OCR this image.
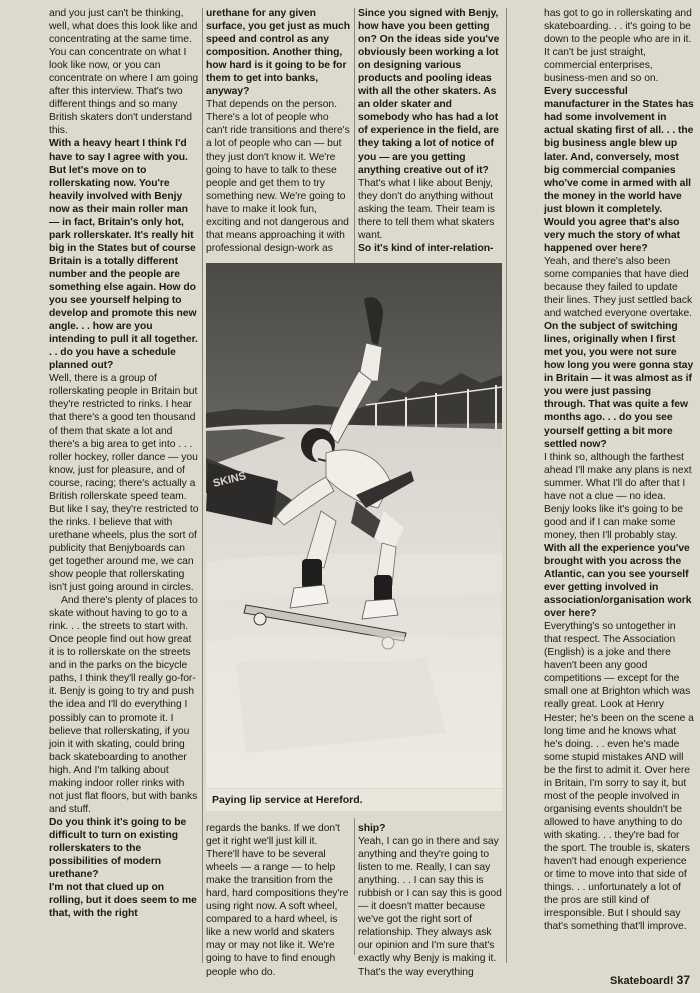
and you just can't be thinking, well, what does this look like and concentrating at the same time. You can concentrate on what I look like now, or you can concentrate on where I am going after this interview. That's two different things and so many British skaters don't understand this.

With a heavy heart I think I'd have to say I agree with you. But let's move on to rollerskating now. You're heavily involved with Benjy now as their main roller man — in fact, Britain's only hot, park rollerskater. It's really hit big in the States but of course Britain is a totally different number and the people are something else again. How do you see yourself helping to develop and promote this new angle. . . how are you intending to pull it all together. . . do you have a schedule planned out?

Well, there is a group of rollerskating people in Britain but they're restricted to rinks. I hear that there's a good ten thousand of them that skate a lot and there's a big area to get into . . . roller hockey, roller dance — you know, just for pleasure, and of course, racing; there's actually a British rollerskate speed team. But like I say, they're restricted to the rinks. I believe that with urethane wheels, plus the sort of publicity that Benjyboards can get together around me, we can show people that rollerskating isn't just going around in circles.

And there's plenty of places to skate without having to go to a rink. . . the streets to start with. Once people find out how great it is to rollerskate on the streets and in the parks on the bicycle paths, I think they'll really go-for-it. Benjy is going to try and push the idea and I'll do everything I possibly can to promote it. I believe that rollerskating, if you join it with skating, could bring back skateboarding to another high. And I'm talking about making indoor roller rinks with not just flat floors, but with banks and stuff.

Do you think it's going to be difficult to turn on existing rollerskaters to the possibilities of modern urethane?

I'm not that clued up on rolling, but it does seem to me that, with the right

urethane for any given surface, you get just as much speed and control as any composition. Another thing, how hard is it going to be for them to get into banks, anyway?

That depends on the person. There's a lot of people who can't ride transitions and there's a lot of people who can — but they just don't know it. We're going to have to talk to these people and get them to try something new. We're going to have to make it look fun, exciting and not dangerous and that means approaching it with professional design-work as

Since you signed with Benjy, how have you been getting on? On the ideas side you've obviously been working a lot on designing various products and pooling ideas with all the other skaters. As an older skater and somebody who has had a lot of experience in the field, are they taking a lot of notice of you — are you getting anything creative out of it?

That's what I like about Benjy, they don't do anything without asking the team. Their team is there to tell them what skaters want.

So it's kind of inter-relation-

has got to go in rollerskating and skateboarding. . . it's going to be down to the people who are in it. It can't be just straight, commercial enterprises, business-men and so on.

Every successful manufacturer in the States has had some involvement in actual skating first of all. . . the big business angle blew up later. And, conversely, most big commercial companies who've come in armed with all the money in the world have just blown it completely. Would you agree that's also very much the story of what happened over here?

Yeah, and there's also been some companies that have died because they failed to update their lines. They just settled back and watched everyone overtake.

On the subject of switching lines, originally when I first met you, you were not sure how long you were gonna stay in Britain — it was almost as if you were just passing through. That was quite a few months ago. . . do you see yourself getting a bit more settled now?

I think so, although the farthest ahead I'll make any plans is next summer. What I'll do after that I have not a clue — no idea. Benjy looks like it's going to be good and if I can make some money, then I'll probably stay.

With all the experience you've brought with you across the Atlantic, can you see yourself ever getting involved in association/organisation work over here?

Everything's so untogether in that respect. The Association (English) is a joke and there haven't been any good competitions — except for the small one at Brighton which was really great. Look at Henry Hester; he's been on the scene a long time and he knows what he's doing. . . even he's made some stupid mistakes AND will be the first to admit it. Over here in Britain, I'm sorry to say it, but most of the people involved in organising events shouldn't be allowed to have anything to do with skating. . . they're bad for the sport. The trouble is, skaters haven't had enough experience or time to move into that side of things. . . unfortunately a lot of the pros are still kind of irresponsible. But I should say that's something that'll improve.

regards the banks. If we don't get it right we'll just kill it. There'll have to be several wheels — a range — to help make the transition from the hard, hard compositions they're using right now. A soft wheel, compared to a hard wheel, is like a new world and skaters may or may not like it. We're going to have to find enough people who do.

ship?

Yeah, I can go in there and say anything and they're going to listen to me. Really, I can say anything. . . I can say this is rubbish or I can say this is good — it doesn't matter because we've got the right sort of relationship. They always ask our opinion and I'm sure that's exactly why Benjy is making it. That's the way everything

SKINS
Paying lip service at Hereford.
Skateboard! 37
